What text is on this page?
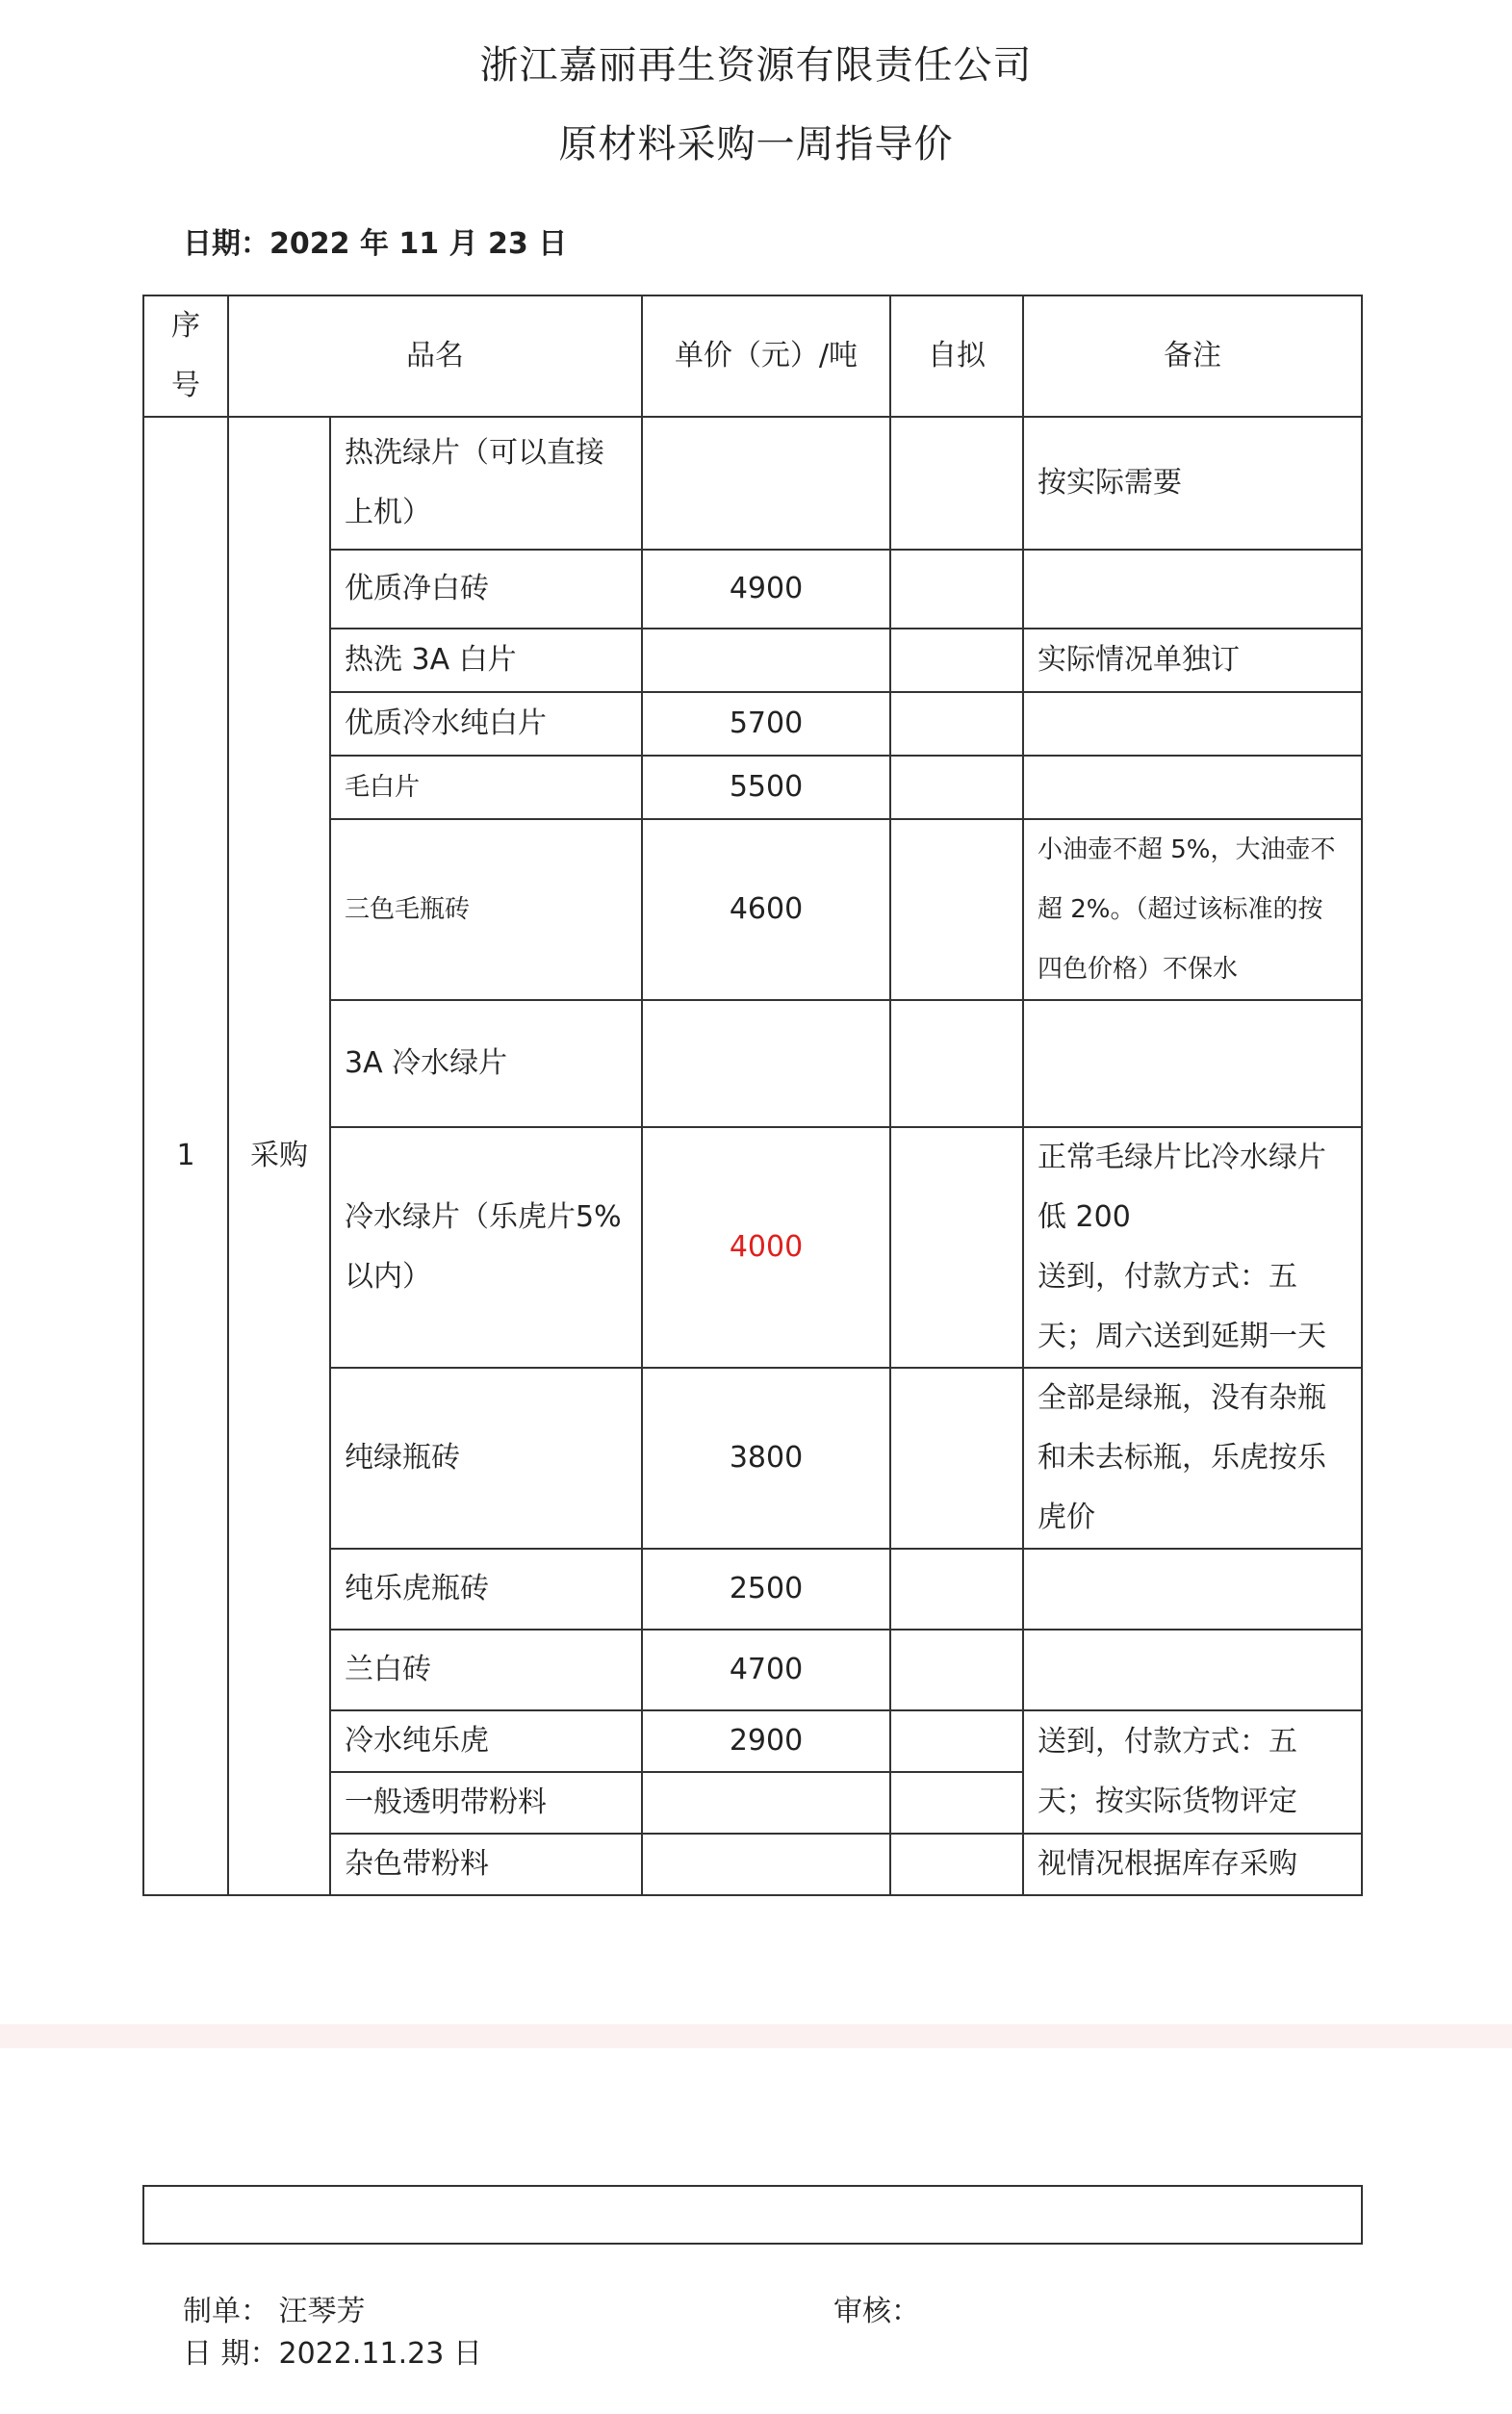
浙江嘉丽再生资源有限责任公司
原材料采购一周指导价
日期：2022 年 11 月 23 日
序号	品名		单价（元）/吨	自拟	备注
1	采购	热洗绿片（可以直接上机）			按实际需要
		优质净白砖	4900		
		热洗 3A 白片			实际情况单独订
		优质冷水纯白片	5700		
		毛白片	5500		
		三色毛瓶砖	4600		小油壶不超 5%，大油壶不超 2%。（超过该标准的按四色价格）不保水
		3A 冷水绿片			
		冷水绿片（乐虎片5%以内）	4000		正常毛绿片比冷水绿片低 200
送到，付款方式：五天；周六送到延期一天
		纯绿瓶砖	3800		全部是绿瓶，没有杂瓶和未去标瓶，乐虎按乐虎价
		纯乐虎瓶砖	2500		
		兰白砖	4700		
		冷水纯乐虎	2900		送到，付款方式：五天；按实际货物评定
		一般透明带粉料			
		杂色带粉料			视情况根据库存采购
制单： 汪琴芳	审核：
日 期：2022.11.23 日
